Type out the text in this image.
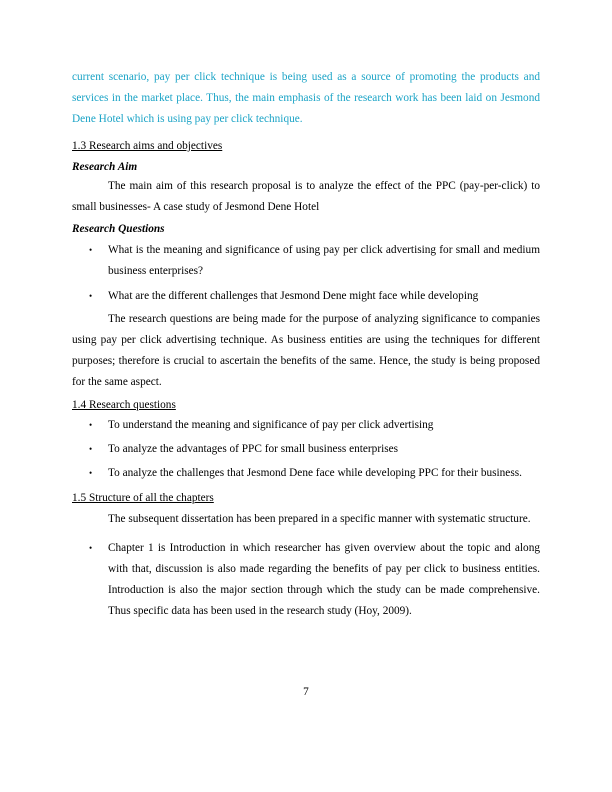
current scenario, pay per click technique is being used as a source of promoting the products and services in the market place. Thus, the main emphasis of the research work has been laid on Jesmond Dene Hotel which is using pay per click technique.

1.3 Research aims and objectives
Research Aim

The main aim of this research proposal is to analyze the effect of the PPC (pay-per-click) to small businesses- A case study of Jesmond Dene Hotel

Research Questions
• What is the meaning and significance of using pay per click advertising for small and medium business enterprises?
• What are the different challenges that Jesmond Dene might face while developing

The research questions are being made for the purpose of analyzing significance to companies using pay per click advertising technique. As business entities are using the techniques for different purposes; therefore is crucial to ascertain the benefits of the same. Hence, the study is being proposed for the same aspect.

1.4 Research questions
• To understand the meaning and significance of pay per click advertising
• To analyze the advantages of PPC for small business enterprises
• To analyze the challenges that Jesmond Dene face while developing PPC for their business.
1.5 Structure of all the chapters

The subsequent dissertation has been prepared in a specific manner with systematic structure.

• Chapter 1 is Introduction in which researcher has given overview about the topic and along with that, discussion is also made regarding the benefits of pay per click to business entities. Introduction is also the major section through which the study can be made comprehensive. Thus specific data has been used in the research study (Hoy, 2009).
7
